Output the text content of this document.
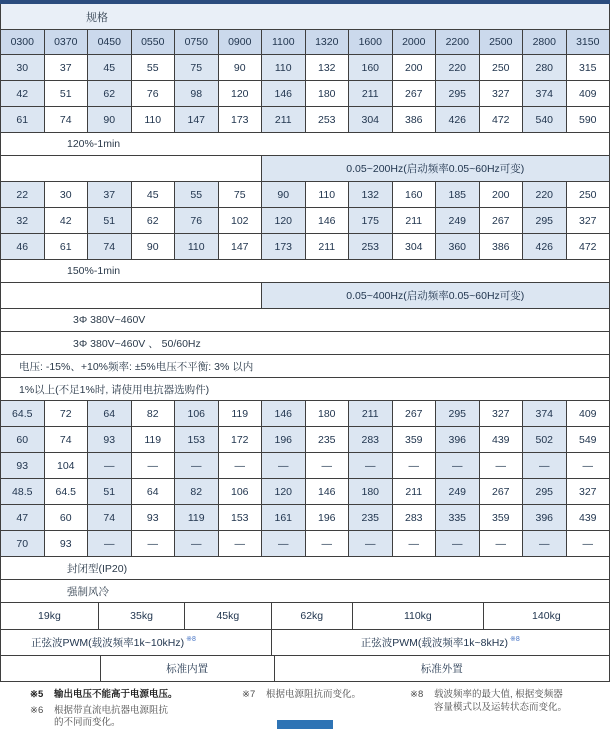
规格
0300	0370	0450	0550	0750	0900	1100	1320	1600	2000	2200	2500	2800	3150
30	37	45	55	75	90	110	132	160	200	220	250	280	315
42	51	62	76	98	120	146	180	211	267	295	327	374	409
61	74	90	110	147	173	211	253	304	386	426	472	540	590
120%-1min
0.05~200Hz(启动频率0.05~60Hz可变)
22	30	37	45	55	75	90	110	132	160	185	200	220	250
32	42	51	62	76	102	120	146	175	211	249	267	295	327
46	61	74	90	110	147	173	211	253	304	360	386	426	472
150%-1min
0.05~400Hz(启动频率0.05~60Hz可变)
3Φ 380V~460V
3Φ 380V~460V 、 50/60Hz
电压: -15%、+10%频率: ±5%电压不平衡: 3% 以内
1%以上(不足1%时, 请使用电抗器选购件)
64.5	72	64	82	106	119	146	180	211	267	295	327	374	409
60	74	93	119	153	172	196	235	283	359	396	439	502	549
93	104	—	—	—	—	—	—	—	—	—	—	—	—
48.5	64.5	51	64	82	106	120	146	180	211	249	267	295	327
47	60	74	93	119	153	161	196	235	283	335	359	396	439
70	93	—	—	—	—	—	—	—	—	—	—	—	—
封闭型(IP20)
强制风冷
19kg	35kg	45kg	62kg	110kg	140kg
正弦波PWM(载波频率1k~10kHz) ※8	正弦波PWM(载波频率1k~8kHz) ※8
标准内置	标准外置
※5	输出电压不能高于电源电压。
※6	根据带直流电抗器电源阻抗的不同而变化。
※7	根据电源阻抗而变化。	※8	载波频率的最大值, 根据变频器容量模式以及运转状态而变化。
